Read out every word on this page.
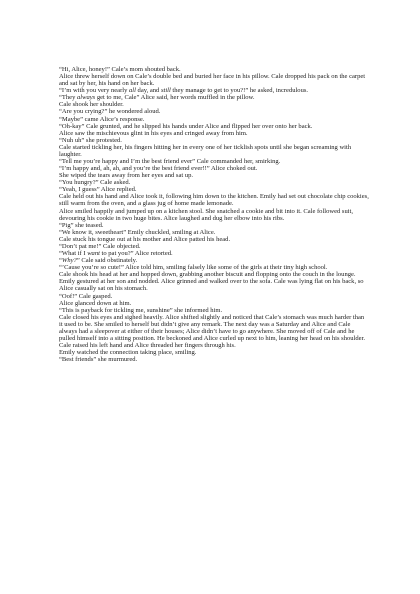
“Hi, Alice, honey!” Cale’s mom shouted back.

Alice threw herself down on Cale’s double bed and buried her face in his pillow. Cale dropped his pack on the carpet and sat by her, his hand on her back.

“I’m with you very nearly all day, and still they manage to get to you?!” he asked, incredulous.

“They always get to me, Cale” Alice said, her words muffled in the pillow.

Cale shook her shoulder.

“Are you crying?” he wondered aloud.

“Maybe” came Alice’s response.

“Oh-kay” Cale grunted, and he slipped his hands under Alice and flipped her over onto her back.

Alice saw the mischievous glint in his eyes and cringed away from him.

“Nuh uh” she protested.

Cale started tickling her, his fingers hitting her in every one of her ticklish spots until she began screaming with laughter.

“Tell me you’re happy and I’m the best friend ever” Cale commanded her, smirking.

“I’m happy and, ah, ah, and you’re the best friend ever!!” Alice choked out.

She wiped the tears away from her eyes and sat up.

“You hungry?” Cale asked.

“Yeah, I guess” Alice replied.

Cale held out his hand and Alice took it, following him down to the kitchen. Emily had set out chocolate chip cookies, still warm from the oven, and a glass jug of home made lemonade.

Alice smiled happily and jumped up on a kitchen stool. She snatched a cookie and bit into it. Cale followed suit, devouring his cookie in two huge bites. Alice laughed and dug her elbow into his ribs.

“Pig” she teased.

“We know it, sweetheart” Emily chuckled, smiling at Alice.

Cale stuck his tongue out at his mother and Alice patted his head.

“Don’t pat me!” Cale objected.

“What if I want to pat you?” Alice retorted.

“Why?” Cale said obstinately.

“’Cause you’re so cute!” Alice told him, smiling falsely like some of the girls at their tiny high school.

Cale shook his head at her and hopped down, grabbing another biscuit and flopping onto the couch in the lounge.

Emily gestured at her son and nodded. Alice grinned and walked over to the sofa. Cale was lying flat on his back, so Alice casually sat on his stomach.

“Oof!” Cale gasped.

Alice glanced down at him.

“This is payback for tickling me, sunshine” she informed him.

Cale closed his eyes and sighed heavily. Alice shifted slightly and noticed that Cale’s stomach was much harder than it used to be. She smiled to herself but didn’t give any remark. The next day was a Saturday and Alice and Cale always had a sleepover at either of their houses; Alice didn’t have to go anywhere. She moved off of Cale and he pulled himself into a sitting position. He beckoned and Alice curled up next to him, leaning her head on his shoulder. Cale raised his left hand and Alice threaded her fingers through his.

Emily watched the connection taking place, smiling.

“Best friends” she murmured.
